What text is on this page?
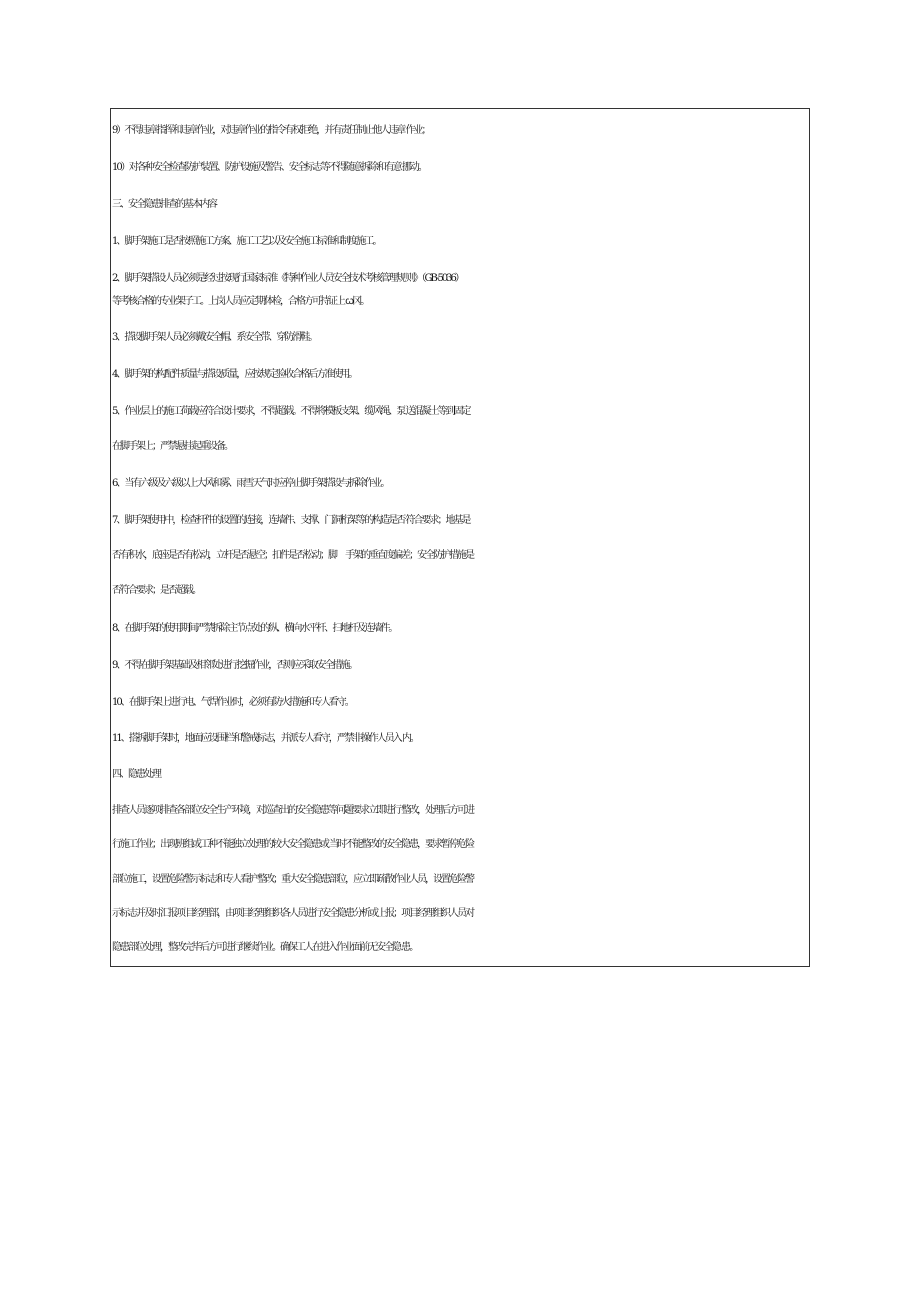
9）不得违章指挥和违章作业，对违章作业的指令有权拒绝，并有责任制止他人违章 作业；
10）对各种安全检查防护装置、防护设施及警告、安全标志等不得随意拆除和有意 挪动。
三、安全隐患排查的基本内容
1、脚手架施工是否按照施工方案、施工工艺以及安全施工标准和制度施工。
2、脚手架搭设人员必须是经过按现行国家标准《特种作业人员安全技术考核管理规 则》（GB-5036）
等考核合格的专业架子工。上岗人员应定期体检，合格方可持证上 ꞷ冈。
3、搭设脚手架人员必须戴安全帽、系安全带、穿防滑鞋。
4、脚手架的构配件质量与搭设质量，应按规定验收合格后方准使用。
5、作业层上的施工荷载应符合设计要求，不得超载。不得将模板支架、缆风绳、泵 送混凝土等到固定
在脚手架上；严禁悬挂起重设备。
6、当有六级及六级以上大风和雾、雨雪天气时应停止脚手架搭设与拆除作业。
7、脚手架使用中，检查杆件的设置的连接，连墙件、支撑、门洞桁架等的构造是否 符合要求；地基是
否有积水，底座是否有松动，立杆是否悬空；扣件是否松动；脚　 手架的垂直度偏差；安全防护措施是
否符合要求；是否超载。
8、在脚手架的使用期间严禁拆除主节点处的纵、横向水平杆、扫地杆及连墙件。
9、不得在脚手架基础及相邻处进行挖掘作业，否则应采取安全措施。
10、在脚手架上进行电、气焊作业时，必须有防火措施和专人看守。
11、搭拆脚手架时，地面应设围栏和警戒标志，并派专人看守，严禁非操作人员入 内。
四、隐患处理
排查人员逐项排查各部位安全生产环境，对巡查出的安全隐患等问题要求立即进行 整改，处理后方可进
行施工作业；出现班组或工种不能独立处理的较大安全隐患或 当时不能整改的安全隐患，要求暂停危险
部位施工，设置危险警示标志和专人看护 整改；重大安全隐患部位，应立即疏散作业人员，设置危险警
示标志并及时汇报项 目经理部，由项目经理组织各人员进行安全隐患分析或上报；项目经理组织人员对
隐患部位处理，整改完毕后方可进行继续作业。确保工人在进入作业面前无安全隐 患。
